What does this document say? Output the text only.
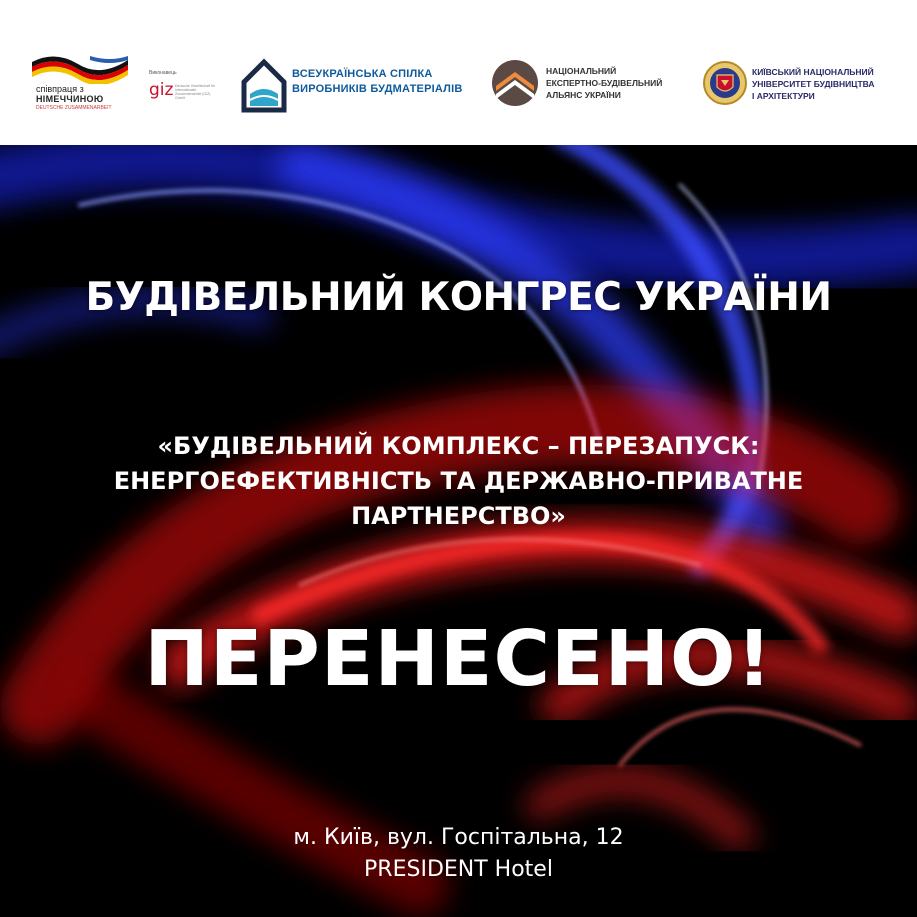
співпраця з
НІМЕЧЧИНОЮ
DEUTSCHE ZUSAMMENARBEIT
Виконавець
giz Deutsche Gesellschaft für Internationale Zusammenarbeit (GIZ) GmbH
ВСЕУКРАЇНСЬКА СПІЛКА
ВИРОБНИКІВ БУДМАТЕРІАЛІВ
НАЦІОНАЛЬНИЙ
ЕКСПЕРТНО-БУДІВЕЛЬНИЙ
АЛЬЯНС УКРАЇНИ
КИЇВСЬКИЙ НАЦІОНАЛЬНИЙ
УНІВЕРСИТЕТ БУДІВНИЦТВА
І АРХІТЕКТУРИ
БУДІВЕЛЬНИЙ КОНГРЕС УКРАЇНИ
«БУДІВЕЛЬНИЙ КОМПЛЕКС – ПЕРЕЗАПУСК:
ЕНЕРГОЕФЕКТИВНІСТЬ ТА ДЕРЖАВНО-ПРИВАТНЕ
ПАРТНЕРСТВО»
ПЕРЕНЕСЕНО!
м. Київ, вул. Госпітальна, 12
PRESIDENT Hotel
